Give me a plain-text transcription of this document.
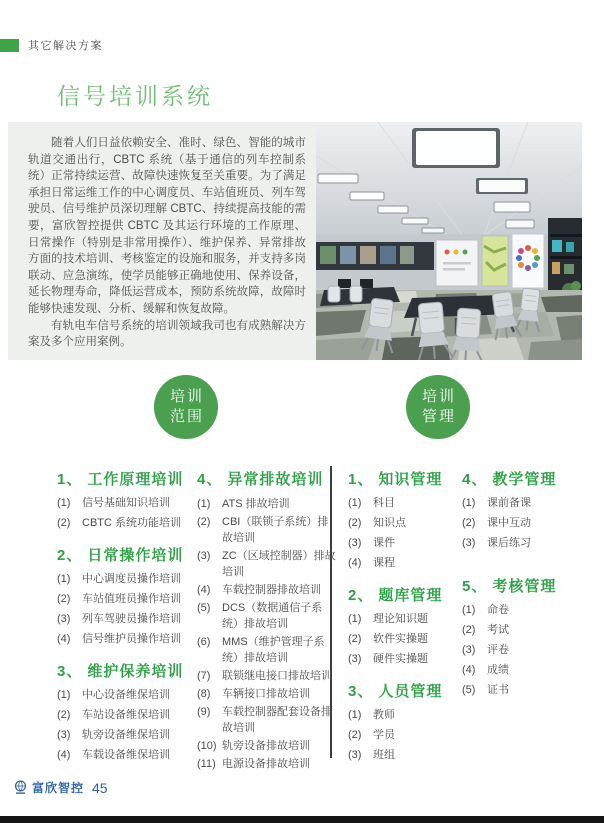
其它解决方案
信号培训系统

随着人们日益依赖安全、准时、绿色、智能的城市轨道交通出行，CBTC 系统（基于通信的列车控制系统）正常持续运营、故障快速恢复至关重要。为了满足承担日常运维工作的中心调度员、车站值班员、列车驾驶员、信号维护员深切理解 CBTC、持续提高技能的需要，富欣智控提供 CBTC 及其运行环境的工作原理、日常操作（特别是非常用操作）、维护保养、异常排故方面的技术培训、考核鉴定的设施和服务，并支持多岗联动、应急演练，使学员能够正确地使用、保养设备，延长物理寿命，降低运营成本，预防系统故障，故障时能够快速发现、分析、缓解和恢复故障。

有轨电车信号系统的培训领域我司也有成熟解决方案及多个应用案例。

培训
范围
培训
管理
1、 工作原理培训
(1)	信号基础知识培训
(2)	CBTC 系统功能培训
2、 日常操作培训
(1)	中心调度员操作培训
(2)	车站值班员操作培训
(3)	列车驾驶员操作培训
(4)	信号维护员操作培训
3、 维护保养培训
(1)	中心设备维保培训
(2)	车站设备维保培训
(3)	轨旁设备维保培训
(4)	车载设备维保培训
4、 异常排故培训
(1)	ATS 排故培训
(2)	CBI（联锁子系统）排故培训
(3)	ZC（区域控制器）排故培训
(4)	车载控制器排故培训
(5)	DCS（数据通信子系统）排故培训
(6)	MMS（维护管理子系统）排故培训
(7)	联锁继电接口排故培训
(8)	车辆接口排故培训
(9)	车载控制器配套设备排故培训
(10) 轨旁设备排故培训
(11) 电源设备排故培训
1、 知识管理
(1)	科目
(2)	知识点
(3)	课件
(4)	课程
2、 题库管理
(1)	理论知识题
(2)	软件实操题
(3)	硬件实操题
3、 人员管理
(1)	教师
(2)	学员
(3)	班组
4、 教学管理
(1)	课前备课
(2)	课中互动
(3)	课后练习
5、 考核管理
(1)	命卷
(2)	考试
(3)	评卷
(4)	成绩
(5)	证书
富欣智控 45
